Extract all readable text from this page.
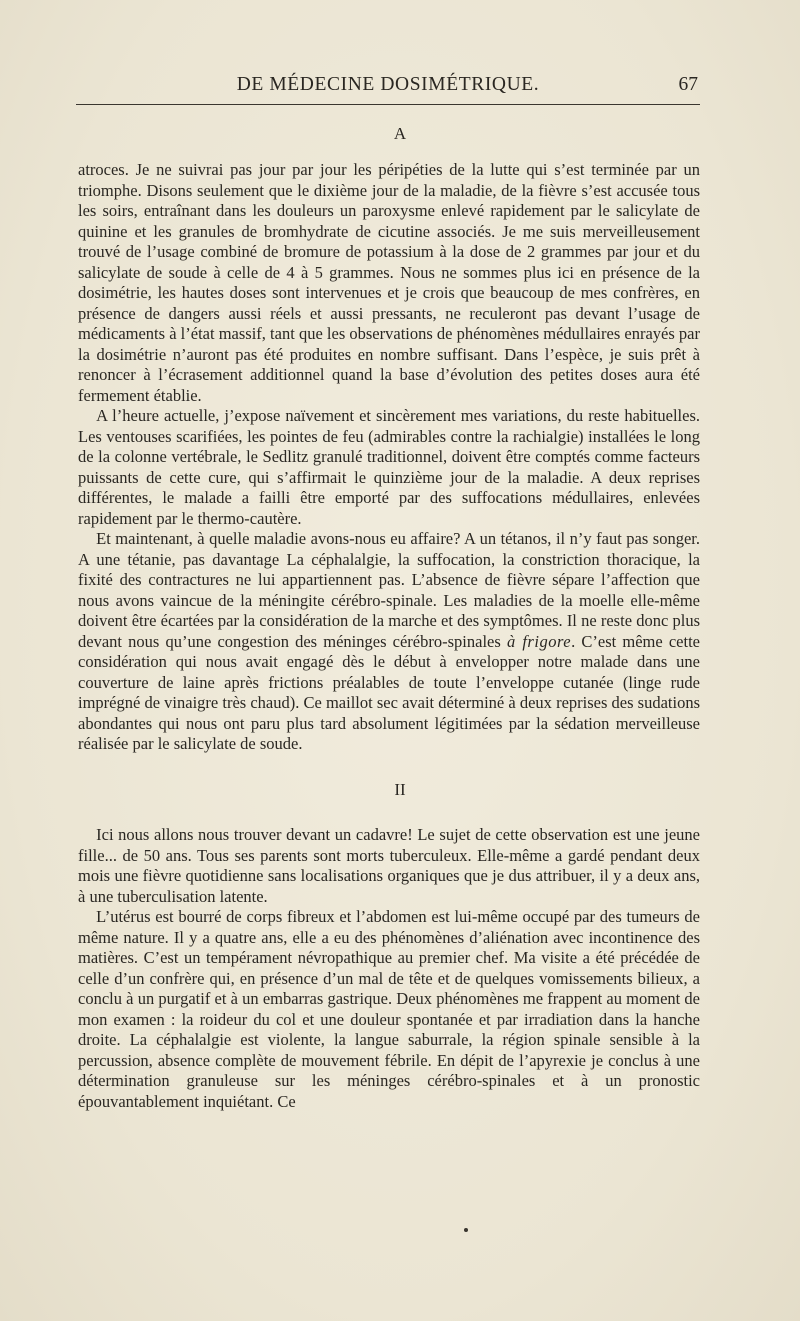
DE MÉDECINE DOSIMÉTRIQUE.	67
A

atroces. Je ne suivrai pas jour par jour les péripéties de la lutte qui s’est terminée par un triomphe. Disons seulement que le dixième jour de la maladie, de la fièvre s’est accusée tous les soirs, entraînant dans les douleurs un paroxysme enlevé rapidement par le salicylate de quinine et les granules de bromhydrate de cicutine associés. Je me suis merveilleusement trouvé de l’usage combiné de bromure de potassium à la dose de 2 grammes par jour et du salicylate de soude à celle de 4 à 5 grammes. Nous ne sommes plus ici en présence de la dosimétrie, les hautes doses sont intervenues et je crois que beaucoup de mes confrères, en présence de dangers aussi réels et aussi pressants, ne reculeront pas devant l’usage de médicaments à l’état massif, tant que les observations de phénomènes médullaires enrayés par la dosimétrie n’auront pas été produites en nombre suffisant. Dans l’espèce, je suis prêt à renoncer à l’écrasement additionnel quand la base d’évolution des petites doses aura été fermement établie.

A l’heure actuelle, j’expose naïvement et sincèrement mes variations, du reste habituelles. Les ventouses scarifiées, les pointes de feu (admirables contre la rachialgie) installées le long de la colonne vertébrale, le Sedlitz granulé traditionnel, doivent être comptés comme facteurs puissants de cette cure, qui s’affirmait le quinzième jour de la maladie. A deux reprises différentes, le malade a failli être emporté par des suffocations médullaires, enlevées rapidement par le thermo-cautère.

Et maintenant, à quelle maladie avons-nous eu affaire? A un tétanos, il n’y faut pas songer. A une tétanie, pas davantage La céphalalgie, la suffocation, la constriction thoracique, la fixité des contractures ne lui appartiennent pas. L’absence de fièvre sépare l’affection que nous avons vaincue de la méningite cérébro-spinale. Les maladies de la moelle elle-même doivent être écartées par la considération de la marche et des symptômes. Il ne reste donc plus devant nous qu’une congestion des méninges cérébro-spinales à frigore. C’est même cette considération qui nous avait engagé dès le début à envelopper notre malade dans une couverture de laine après frictions préalables de toute l’enveloppe cutanée (linge rude imprégné de vinaigre très chaud). Ce maillot sec avait déterminé à deux reprises des sudations abondantes qui nous ont paru plus tard absolument légitimées par la sédation merveilleuse réalisée par le salicylate de soude.

II

Ici nous allons nous trouver devant un cadavre! Le sujet de cette observation est une jeune fille... de 50 ans. Tous ses parents sont morts tuberculeux. Elle-même a gardé pendant deux mois une fièvre quotidienne sans localisations organiques que je dus attribuer, il y a deux ans, à une tuberculisation latente.

L’utérus est bourré de corps fibreux et l’abdomen est lui-même occupé par des tumeurs de même nature. Il y a quatre ans, elle a eu des phénomènes d’aliénation avec incontinence des matières. C’est un tempérament névropathique au premier chef. Ma visite a été précédée de celle d’un confrère qui, en présence d’un mal de tête et de quelques vomissements bilieux, a conclu à un purgatif et à un embarras gastrique. Deux phénomènes me frappent au moment de mon examen : la roideur du col et une douleur spontanée et par irradiation dans la hanche droite. La céphalalgie est violente, la langue saburrale, la région spinale sensible à la percussion, absence complète de mouvement fébrile. En dépit de l’apyrexie je conclus à une détermination granuleuse sur les méninges cérébro-spinales et à un pronostic épouvantablement inquiétant. Ce
